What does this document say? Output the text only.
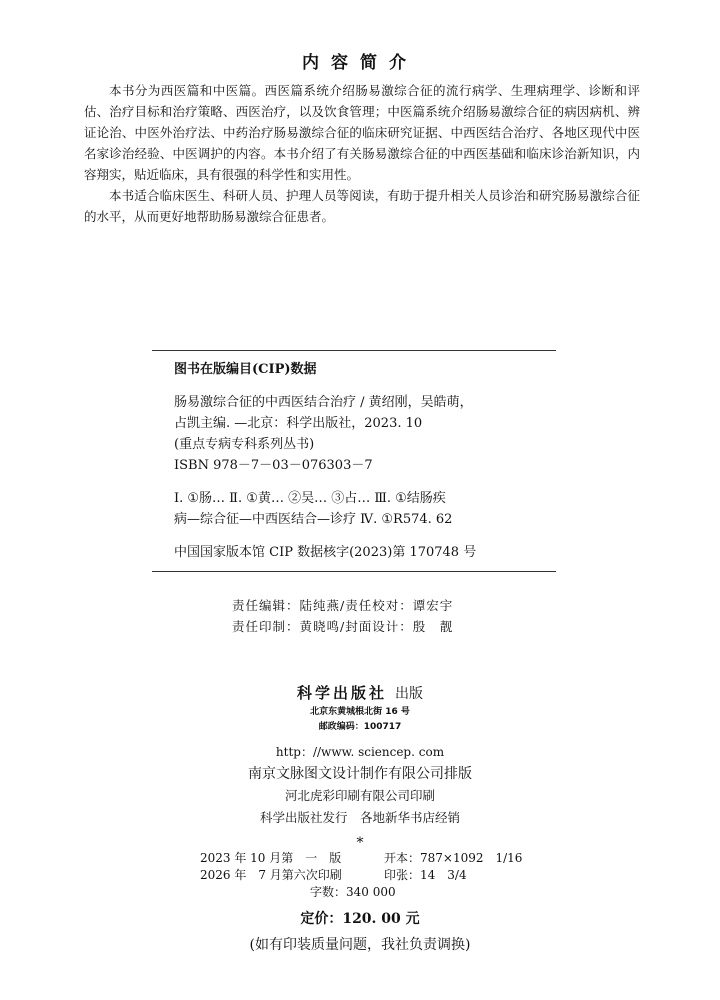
内容简介

本书分为西医篇和中医篇。西医篇系统介绍肠易激综合征的流行病学、生理病理学、诊断和评估、治疗目标和治疗策略、西医治疗，以及饮食管理；中医篇系统介绍肠易激综合征的病因病机、辨证论治、中医外治疗法、中药治疗肠易激综合征的临床研究证据、中西医结合治疗、各地区现代中医名家诊治经验、中医调护的内容。本书介绍了有关肠易激综合征的中西医基础和临床诊治新知识，内容翔实，贴近临床，具有很强的科学性和实用性。

本书适合临床医生、科研人员、护理人员等阅读，有助于提升相关人员诊治和研究肠易激综合征的水平，从而更好地帮助肠易激综合征患者。

图书在版编目(CIP)数据
肠易激综合征的中西医结合治疗 / 黄绍刚，吴皓萌，
占凯主编. —北京：科学出版社，2023. 10
(重点专病专科系列丛书)
ISBN 978－7－03－076303－7
Ⅰ. ①肠… Ⅱ. ①黄… ②吴… ③占… Ⅲ. ①结肠疾
病—综合征—中西医结合—诊疗 Ⅳ. ①R574. 62
中国国家版本馆 CIP 数据核字(2023)第 170748 号
责任编辑：陆纯燕/责任校对：谭宏宇
责任印制：黄晓鸣/封面设计：殷　靓
科学出版社 出版
北京东黄城根北街 16 号
邮政编码：100717
http：//www. sciencep. com
南京文脉图文设计制作有限公司排版
河北虎彩印刷有限公司印刷
科学出版社发行　各地新华书店经销
*
2023 年 10 月第　一　版	开本：787×1092　1/16
2026 年　7 月第六次印刷	印张：14　3/4
字数：340 000
定价：120. 00 元
(如有印装质量问题，我社负责调换)
